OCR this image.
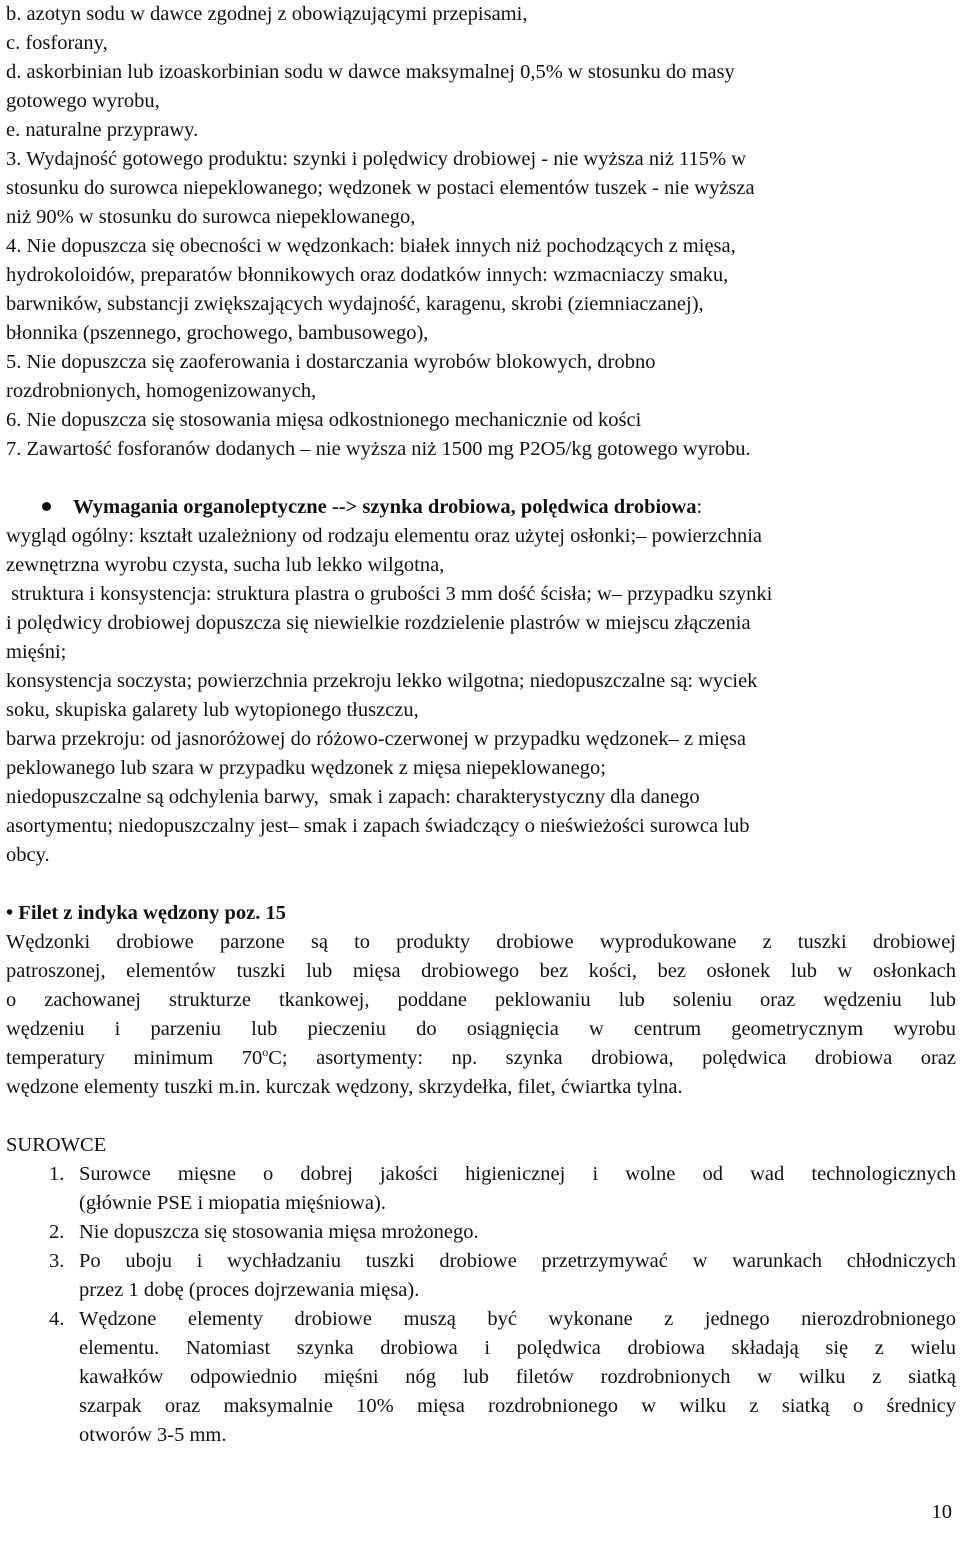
b. azotyn sodu w dawce zgodnej z obowiązującymi przepisami,
c. fosforany,
d. askorbinian lub izoaskorbinian sodu w dawce maksymalnej 0,5% w stosunku do masy
gotowego wyrobu,
e. naturalne przyprawy.
3. Wydajność gotowego produktu: szynki i polędwicy drobiowej - nie wyższa niż 115% w
stosunku do surowca niepeklowanego; wędzonek w postaci elementów tuszek - nie wyższa
niż 90% w stosunku do surowca niepeklowanego,
4. Nie dopuszcza się obecności w wędzonkach: białek innych niż pochodzących z mięsa,
hydrokoloidów, preparatów błonnikowych oraz dodatków innych: wzmacniaczy smaku,
barwników, substancji zwiększających wydajność, karagenu, skrobi (ziemniaczanej),
błonnika (pszennego, grochowego, bambusowego),
5. Nie dopuszcza się zaoferowania i dostarczania wyrobów blokowych, drobno
rozdrobnionych, homogenizowanych,
6. Nie dopuszcza się stosowania mięsa odkostnionego mechanicznie od kości
7. Zawartość fosforanów dodanych – nie wyższa niż 1500 mg P2O5/kg gotowego wyrobu.
Wymagania organoleptyczne --> szynka drobiowa, polędwica drobiowa:
wygląd ogólny: kształt uzależniony od rodzaju elementu oraz użytej osłonki;– powierzchnia
zewnętrzna wyrobu czysta, sucha lub lekko wilgotna,
struktura i konsystencja: struktura plastra o grubości 3 mm dość ścisła; w– przypadku szynki
i polędwicy drobiowej dopuszcza się niewielkie rozdzielenie plastrów w miejscu złączenia
mięśni;
konsystencja soczysta; powierzchnia przekroju lekko wilgotna; niedopuszczalne są: wyciek
soku, skupiska galarety lub wytopionego tłuszczu,
barwa przekroju: od jasnoróżowej do różowo-czerwonej w przypadku wędzonek– z mięsa
peklowanego lub szara w przypadku wędzonek z mięsa niepeklowanego;
niedopuszczalne są odchylenia barwy,  smak i zapach: charakterystyczny dla danego
asortymentu; niedopuszczalny jest– smak i zapach świadczący o nieświeżości surowca lub
obcy.
• Filet z indyka wędzony poz. 15
Wędzonki drobiowe parzone są to produkty drobiowe wyprodukowane z tuszki drobiowej
patroszonej, elementów tuszki lub mięsa drobiowego bez kości, bez osłonek lub w osłonkach
o zachowanej strukturze tkankowej, poddane peklowaniu lub soleniu oraz wędzeniu lub
wędzeniu i parzeniu lub pieczeniu do osiągnięcia w centrum geometrycznym wyrobu
temperatury minimum 70$^o$C; asortymenty: np. szynka drobiowa, polędwica drobiowa oraz
wędzone elementy tuszki m.in. kurczak wędzony, skrzydełka, filet, ćwiartka tylna.
SUROWCE
1. Surowce mięsne o dobrej jakości higienicznej i wolne od wad technologicznych
(głównie PSE i miopatia mięśniowa).
2. Nie dopuszcza się stosowania mięsa mrożonego.
3. Po uboju i wychładzaniu tuszki drobiowe przetrzymywać w warunkach chłodniczych
przez 1 dobę (proces dojrzewania mięsa).
4. Wędzone elementy drobiowe muszą być wykonane z jednego nierozdrobnionego
elementu. Natomiast szynka drobiowa i polędwica drobiowa składają się z wielu
kawałków odpowiednio mięśni nóg lub filetów rozdrobnionych w wilku z siatką
szarpak oraz maksymalnie 10% mięsa rozdrobnionego w wilku z siatką o średnicy
otworów 3-5 mm.
10
